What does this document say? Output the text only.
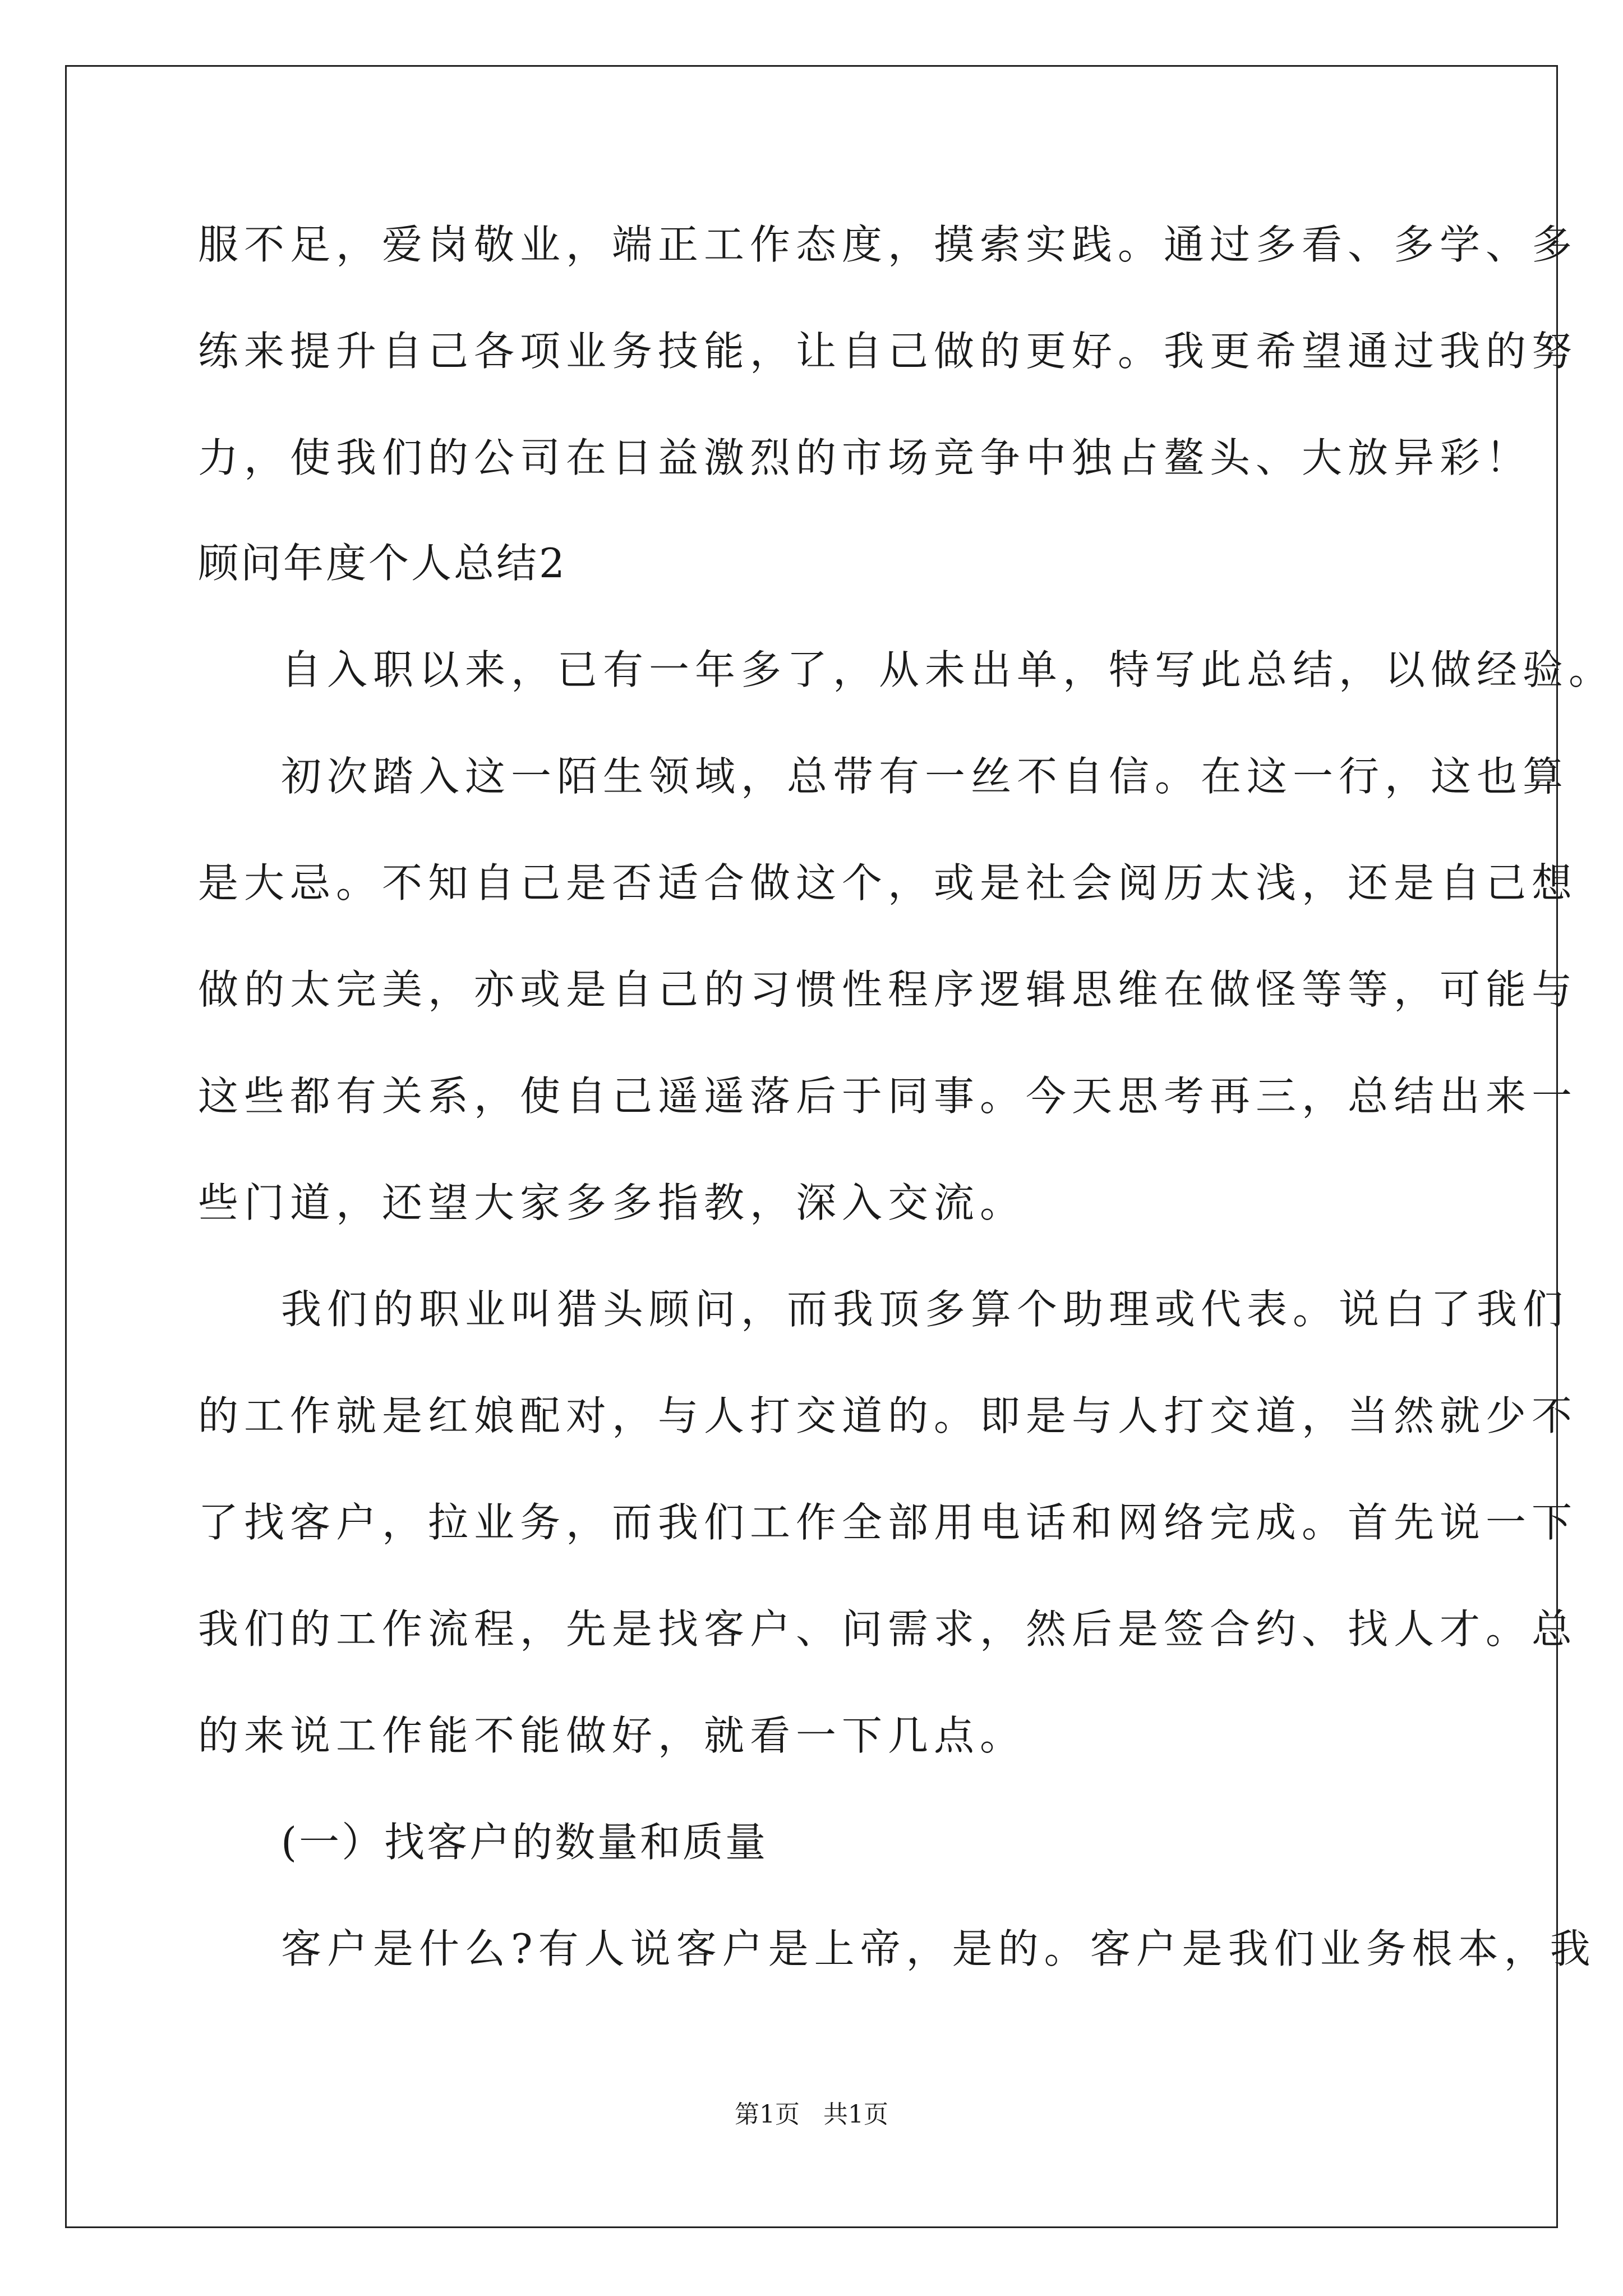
服不足，爱岗敬业，端正工作态度，摸索实践。通过多看、多学、多
练来提升自己各项业务技能，让自己做的更好。我更希望通过我的努
力，使我们的公司在日益激烈的市场竞争中独占鳌头、大放异彩！
顾问年度个人总结2
自入职以来，已有一年多了，从未出单，特写此总结，以做经验。
初次踏入这一陌生领域，总带有一丝不自信。在这一行，这也算
是大忌。不知自己是否适合做这个，或是社会阅历太浅，还是自己想
做的太完美，亦或是自己的习惯性程序逻辑思维在做怪等等，可能与
这些都有关系，使自己遥遥落后于同事。今天思考再三，总结出来一
些门道，还望大家多多指教，深入交流。
我们的职业叫猎头顾问，而我顶多算个助理或代表。说白了我们
的工作就是红娘配对，与人打交道的。即是与人打交道，当然就少不
了找客户，拉业务，而我们工作全部用电话和网络完成。首先说一下
我们的工作流程，先是找客户、问需求，然后是签合约、找人才。总
的来说工作能不能做好，就看一下几点。
(一）找客户的数量和质量
客户是什么?有人说客户是上帝，是的。客户是我们业务根本，我
第1页   共1页
